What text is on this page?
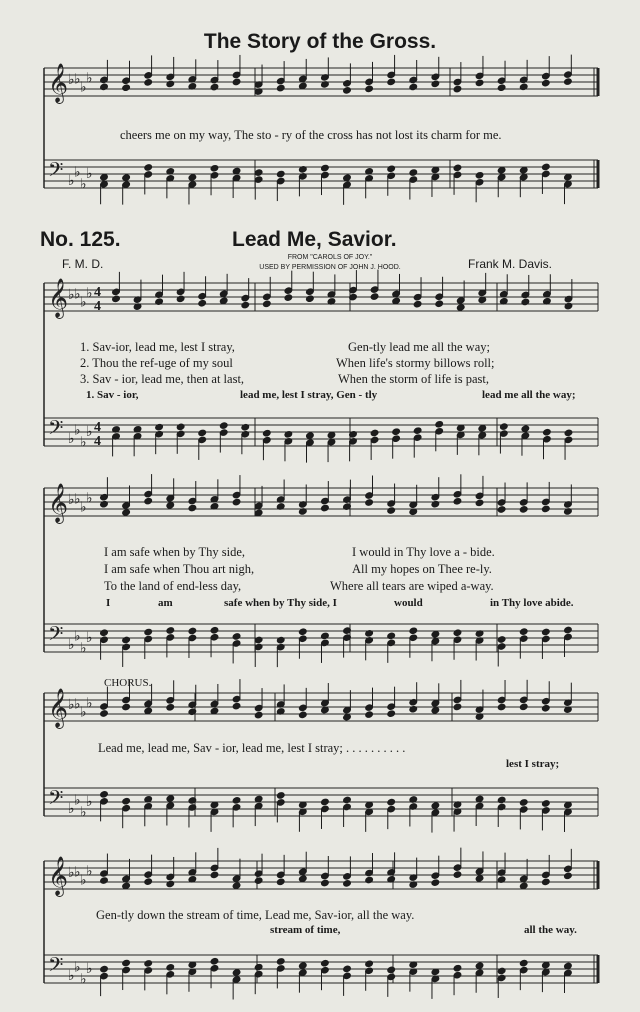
𝄞 ♭ ♭ ♭
♭
𝄢 ♭
♭
♭
♭
𝄞 ♭ ♭ ♭
♭ 4
4
𝄢 ♭
♭
♭
♭ 4
4
𝄞 ♭ ♭ ♭
♭
𝄢 ♭
♭
♭
♭
𝄞 ♭ ♭ ♭
♭
𝄢 ♭
♭
♭
♭
𝄞 ♭ ♭ ♭
♭
𝄢 ♭
♭
♭
♭
The Story of the Gross.
cheers me on my way, The sto - ry of the cross has not lost its charm for me.
No. 125.	Lead Me, Savior.
F. M. D.	FROM "CAROLS OF JOY."
USED BY PERMISSION OF JOHN J. HOOD.	Frank M. Davis.
1. Sav-ior, lead me, lest I stray,	Gen-tly lead me all the way;
2. Thou the ref-uge of my soul	When life's stormy billows roll;
3. Sav - ior, lead me, then at last,	When the storm of life is past,
1. Sav - ior,	lead me, lest I stray, Gen - tly	lead me all the way;
I am safe when by Thy side,	I would in Thy love a - bide.
I am safe when Thou art nigh,	All my hopes on Thee re-ly.
To the land of end-less day,	Where all tears are wiped a-way.
I	am	safe when by Thy side, I	would	in Thy love abide.
CHORUS.
Lead me, lead me, Sav - ior, lead me, lest I stray; . . . . . . . . . .
lest I stray;
Gen-tly down the stream of time, Lead me, Sav-ior, all the way.
stream of time,	all the way.
